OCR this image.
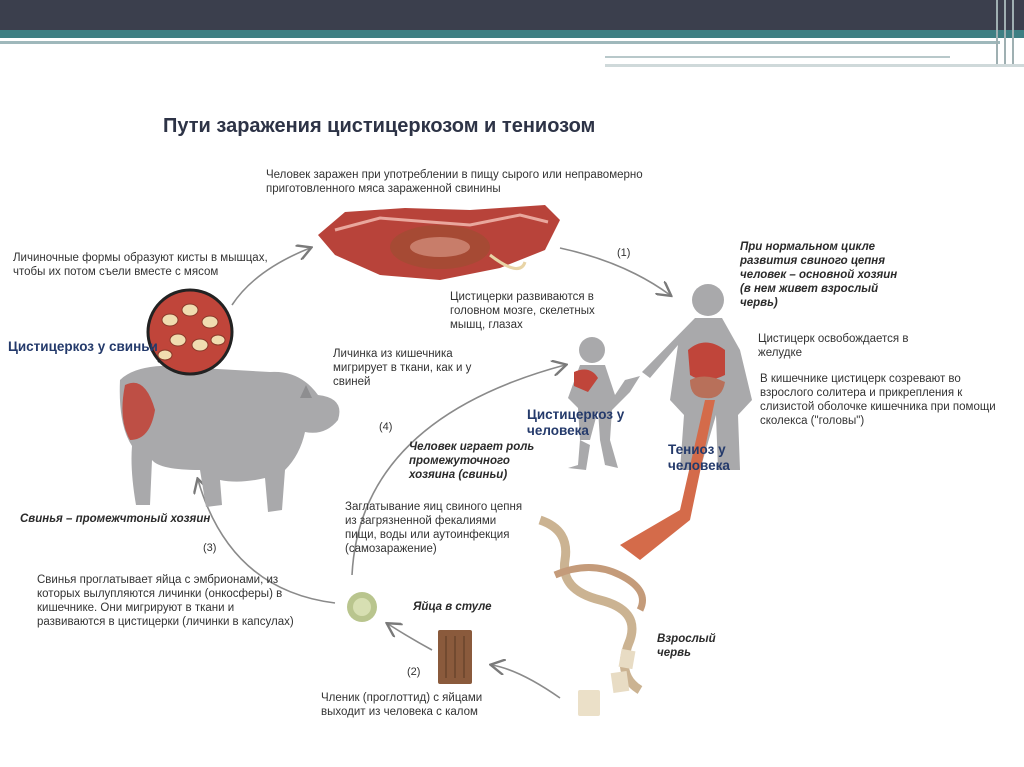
Пути заражения цистицеркозом и тениозом
(1)
(2)
(3)
(4)

Человек заражен при употреблении в пищу сырого или неправомерно приготовленного мяса зараженной свинины

Личиночные формы образуют кисты в мышцах, чтобы их потом съели вместе с мясом

Цистицеркоз у свиньи

Цистицерки развиваются в головном мозге, скелетных мышц, глазах

При нормальном цикле развития свиного цепня человек – основной хозяин (в нем живет взрослый червь)

Цистицерк освобождается в желудке

В кишечнике цистицерк созревают во взрослого солитера и прикрепления к слизистой оболочке кишечника при помощи сколекса ("головы")

Личинка из кишечника мигрирует в ткани, как и у свиней

Цистицеркоз у человека
Тениоз у человека

Человек играет роль промежуточного хозяина (свиньи)

Заглатывание яиц свиного цепня из загрязненной фекалиями пищи, воды или аутоинфекция (самозаражение)

Свинья – промежчтоный хозяин

Свинья проглатывает яйца с эмбрионами, из которых вылупляются личинки (онкосферы) в кишечнике. Они мигрируют в ткани и развиваются в цистицерки (личинки в капсулах)

Яйца в стуле

Взрослый червь

Членик (проглоттид) с яйцами выходит из человека с калом
